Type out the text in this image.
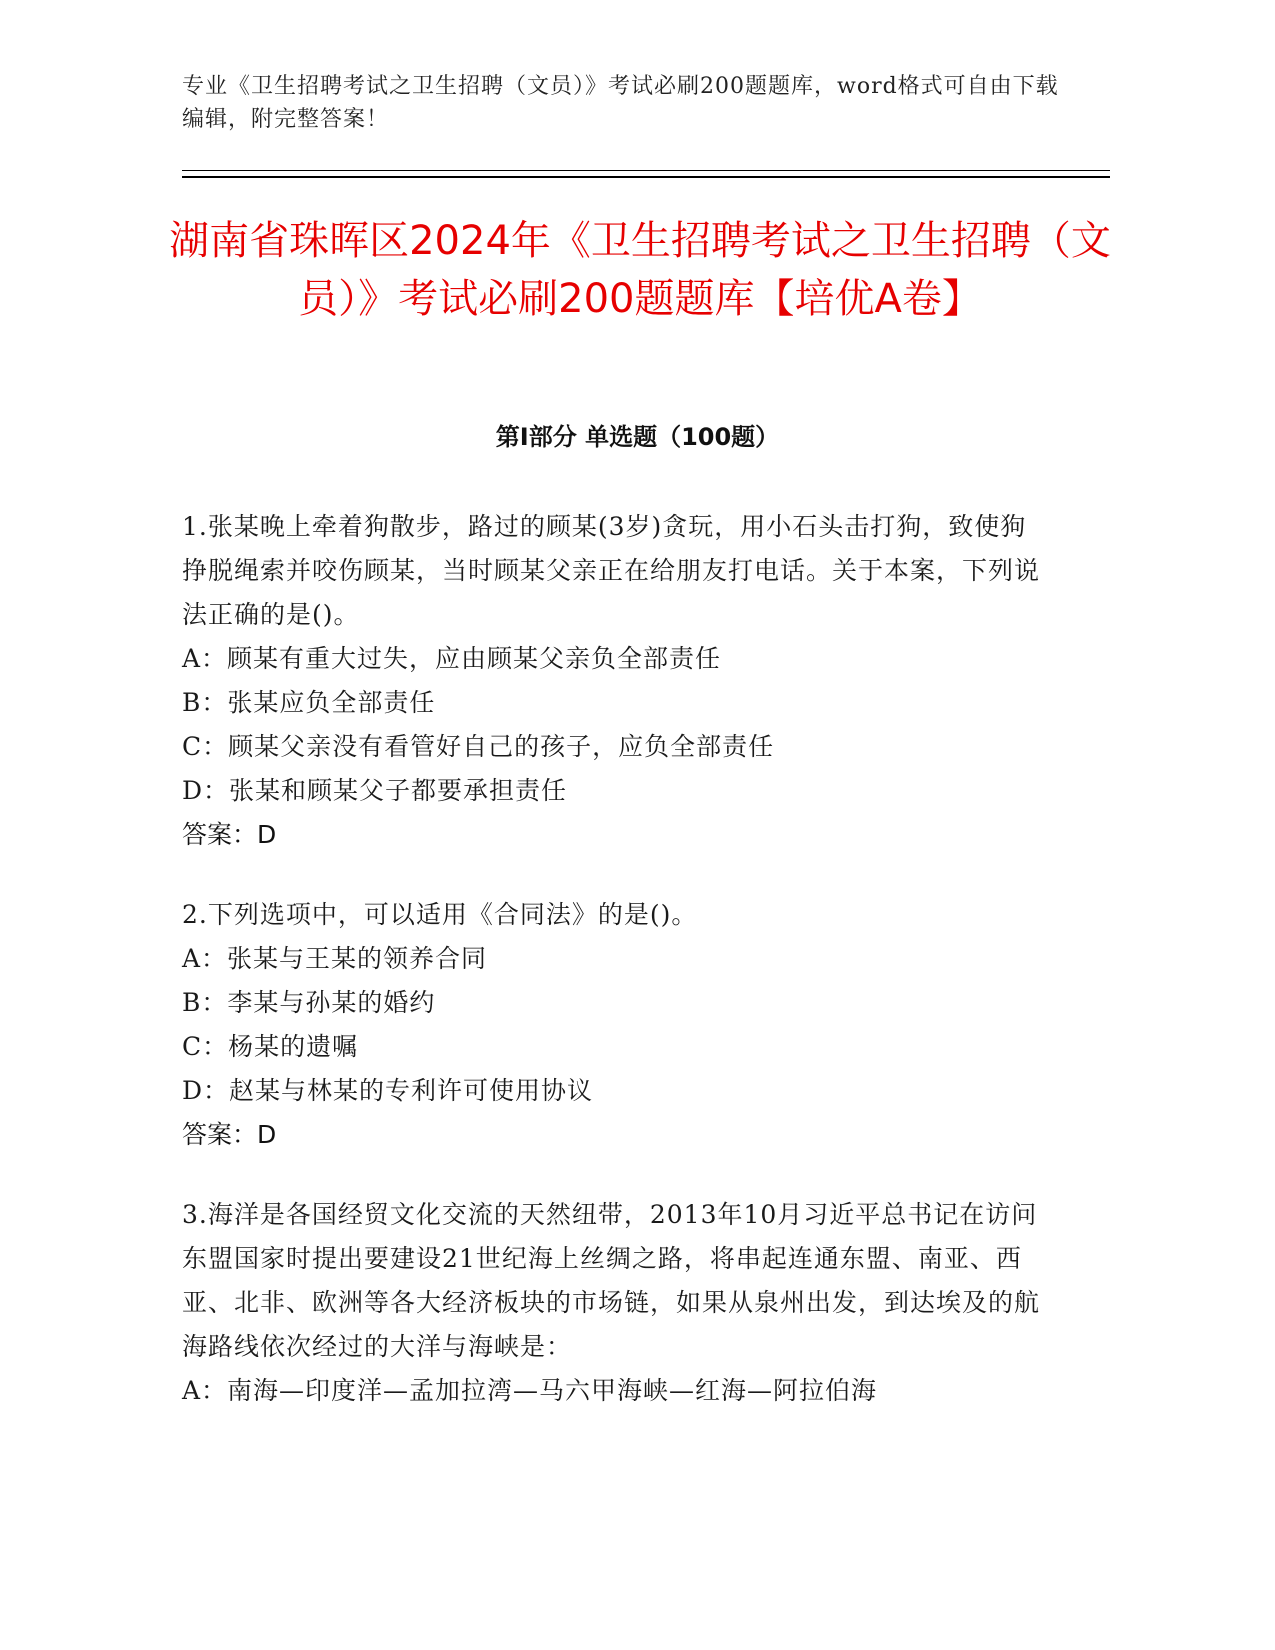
专业《卫生招聘考试之卫生招聘（文员）》考试必刷200题题库，word格式可自由下载编辑，附完整答案！
湖南省珠晖区2024年《卫生招聘考试之卫生招聘（文员）》考试必刷200题题库【培优A卷】
第Ⅰ部分 单选题（100题）

1.张某晚上牵着狗散步，路过的顾某(3岁)贪玩，用小石头击打狗，致使狗挣脱绳索并咬伤顾某，当时顾某父亲正在给朋友打电话。关于本案，下列说法正确的是()。

A：顾某有重大过失，应由顾某父亲负全部责任

B：张某应负全部责任

C：顾某父亲没有看管好自己的孩子，应负全部责任

D：张某和顾某父子都要承担责任

答案：D

2.下列选项中，可以适用《合同法》的是()。

A：张某与王某的领养合同

B：李某与孙某的婚约

C：杨某的遗嘱

D：赵某与林某的专利许可使用协议

答案：D

3.海洋是各国经贸文化交流的天然纽带，2013年10月习近平总书记在访问东盟国家时提出要建设21世纪海上丝绸之路，将串起连通东盟、南亚、西亚、北非、欧洲等各大经济板块的市场链，如果从泉州出发，到达埃及的航海路线依次经过的大洋与海峡是：

A：南海—印度洋—孟加拉湾—马六甲海峡—红海—阿拉伯海
